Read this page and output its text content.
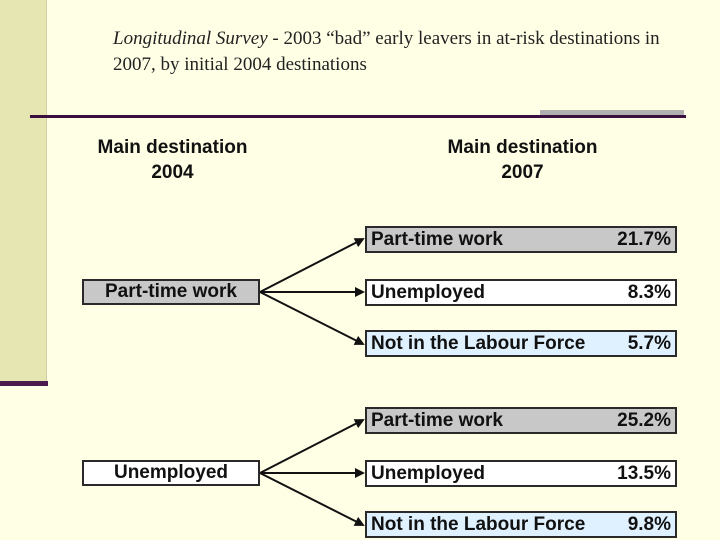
Longitudinal Survey - 2003 “bad” early leavers in at-risk destinations in 2007, by initial 2004 destinations
Main destination
2004
Main destination
2007
Part-time work
Part-time work	21.7%
Unemployed	8.3%
Not in the Labour Force	5.7%
Unemployed
Part-time work	25.2%
Unemployed	13.5%
Not in the Labour Force	9.8%
